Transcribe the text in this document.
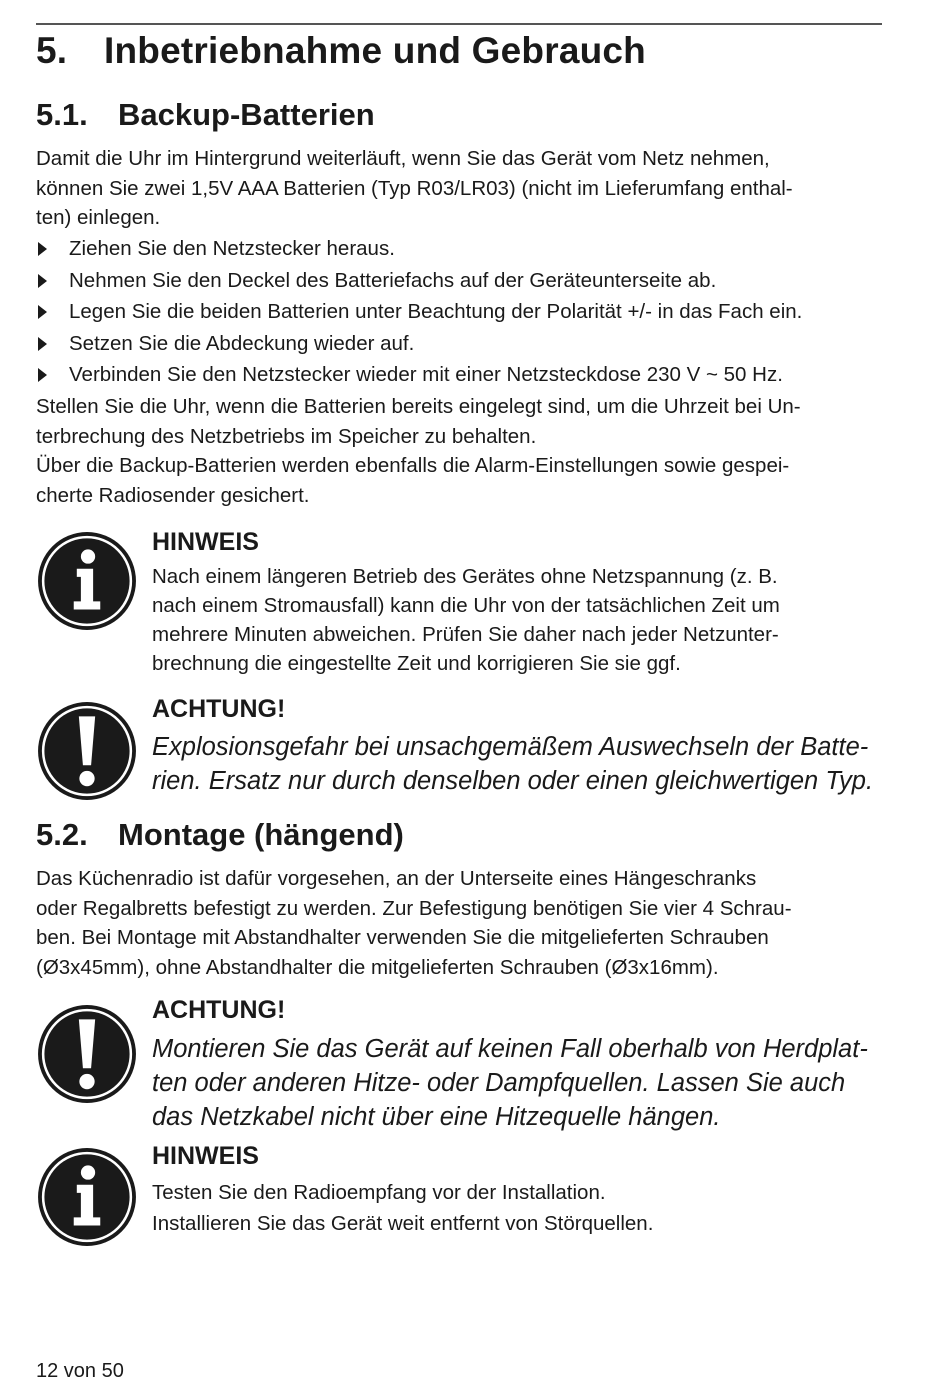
5. Inbetriebnahme und Gebrauch
5.1. Backup-Batterien
Damit die Uhr im Hintergrund weiterläuft, wenn Sie das Gerät vom Netz nehmen,
können Sie zwei 1,5V AAA Batterien (Typ R03/LR03) (nicht im Lieferumfang enthal-
ten) einlegen.
Ziehen Sie den Netzstecker heraus.
Nehmen Sie den Deckel des Batteriefachs auf der Geräteunterseite ab.
Legen Sie die beiden Batterien unter Beachtung der Polarität +/- in das Fach ein.
Setzen Sie die Abdeckung wieder auf.
Verbinden Sie den Netzstecker wieder mit einer Netzsteckdose 230 V ~ 50 Hz.
Stellen Sie die Uhr, wenn die Batterien bereits eingelegt sind, um die Uhrzeit bei Un-
terbrechung des Netzbetriebs im Speicher zu behalten.
Über die Backup-Batterien werden ebenfalls die Alarm-Einstellungen sowie gespei-
cherte Radiosender gesichert.
HINWEIS
Nach einem längeren Betrieb des Gerätes ohne Netzspannung (z. B.
nach einem Stromausfall) kann die Uhr von der tatsächlichen Zeit um
mehrere Minuten abweichen. Prüfen Sie daher nach jeder Netzunter-
brechnung die eingestellte Zeit und korrigieren Sie sie ggf.
ACHTUNG!
Explosionsgefahr bei unsachgemäßem Auswechseln der Batte-
rien. Ersatz nur durch denselben oder einen gleichwertigen Typ.
5.2. Montage (hängend)
Das Küchenradio ist dafür vorgesehen, an der Unterseite eines Hängeschranks
oder Regalbretts befestigt zu werden. Zur Befestigung benötigen Sie vier 4 Schrau-
ben. Bei Montage mit Abstandhalter verwenden Sie die mitgelieferten Schrauben
(Ø3x45mm), ohne Abstandhalter die mitgelieferten Schrauben (Ø3x16mm).
ACHTUNG!
Montieren Sie das Gerät auf keinen Fall oberhalb von Herdplat-
ten oder anderen Hitze- oder Dampfquellen. Lassen Sie auch
das Netzkabel nicht über eine Hitzequelle hängen.
HINWEIS
Testen Sie den Radioempfang vor der Installation.
Installieren Sie das Gerät weit entfernt von Störquellen.
12 von 50
